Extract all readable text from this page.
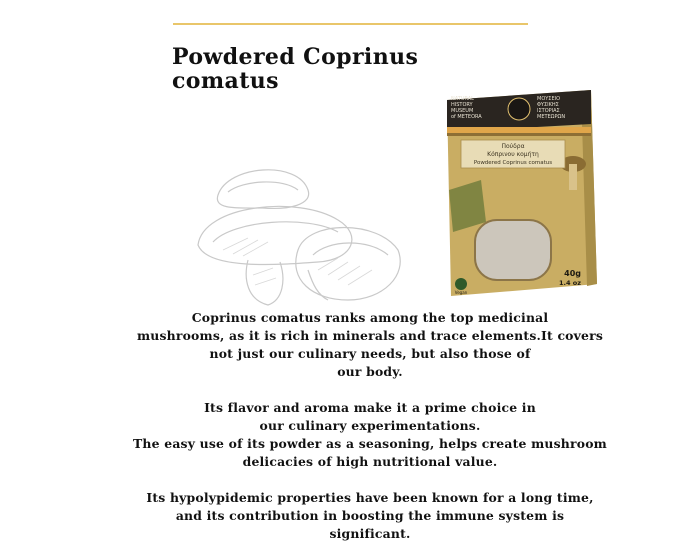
Powdered Coprinus comatus
NATURAL
HISTORY
MUSEUM
of METEORA
ΜΟΥΣΕΙΟ
ΦΥΣΙΚΗΣ
ΙΣΤΟΡΙΑΣ
ΜΕΤΕΩΡΩΝ
Πούδρα
Κόπρινου κομήτη
Powdered Coprinus comatus
40g
1.4 oz
Vegan

Coprinus comatus ranks among the top medicinal

mushrooms, as it is rich in minerals and trace elements.It covers

not just our culinary needs, but also those of

our body.

Its flavor and aroma make it a prime choice in

our culinary experimentations.

The easy use of its powder as a seasoning, helps create mushroom

delicacies of high nutritional value.

Its hypolypidemic properties have been known for a long time,

and its contribution in boosting the immune system is

significant.
